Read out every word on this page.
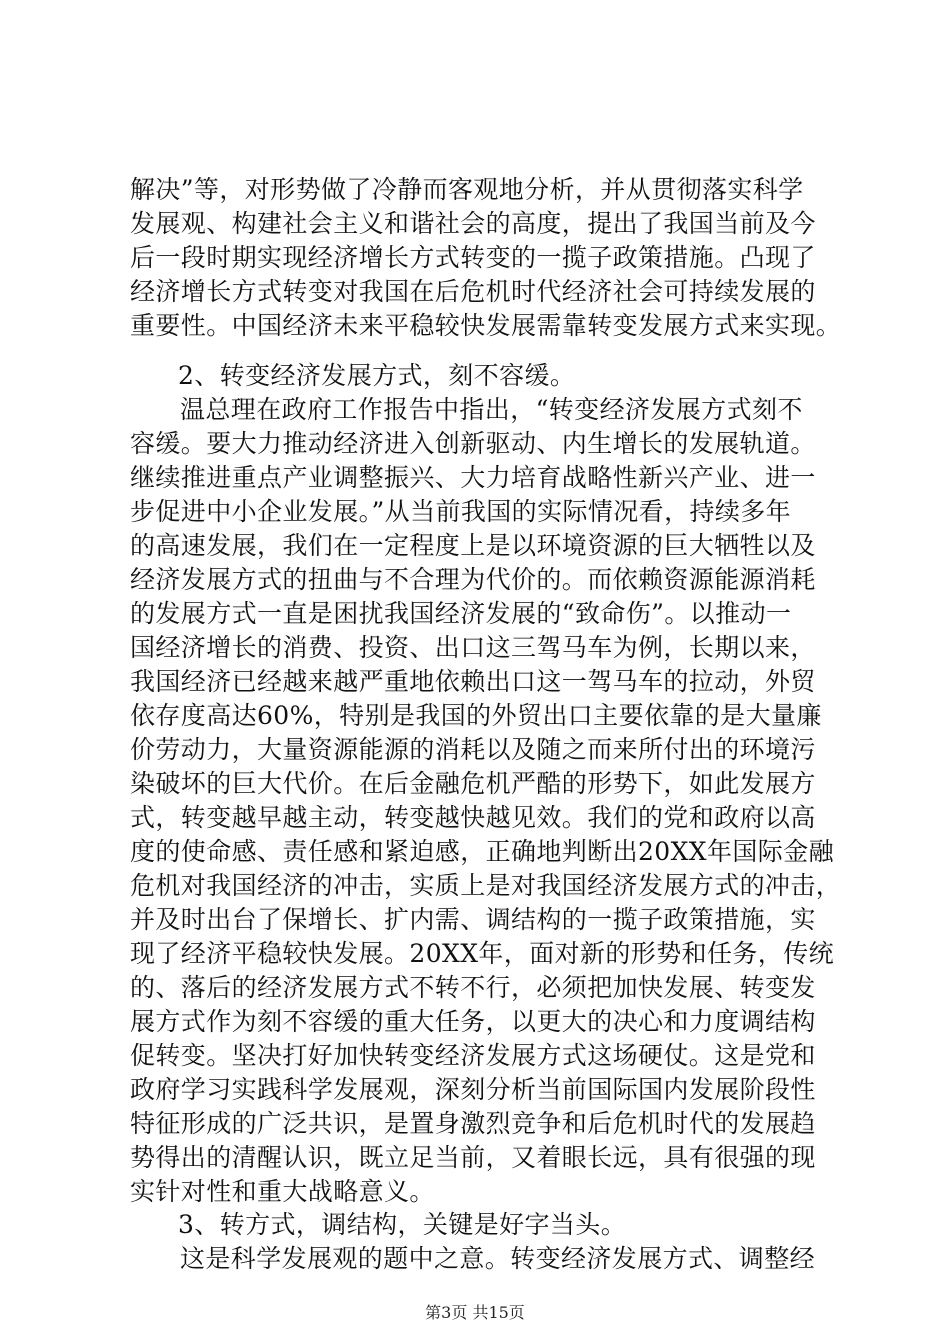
解决”等，对形势做了冷静而客观地分析，并从贯彻落实科学
发展观、构建社会主义和谐社会的高度，提出了我国当前及今
后一段时期实现经济增长方式转变的一揽子政策措施。凸现了
经济增长方式转变对我国在后危机时代经济社会可持续发展的
重要性。中国经济未来平稳较快发展需靠转变发展方式来实现。
2、转变经济发展方式，刻不容缓。
温总理在政府工作报告中指出，“转变经济发展方式刻不
容缓。要大力推动经济进入创新驱动、内生增长的发展轨道。
继续推进重点产业调整振兴、大力培育战略性新兴产业、进一
步促进中小企业发展。”从当前我国的实际情况看，持续多年
的高速发展，我们在一定程度上是以环境资源的巨大牺牲以及
经济发展方式的扭曲与不合理为代价的。而依赖资源能源消耗
的发展方式一直是困扰我国经济发展的“致命伤”。以推动一
国经济增长的消费、投资、出口这三驾马车为例，长期以来，
我国经济已经越来越严重地依赖出口这一驾马车的拉动，外贸
依存度高达60%，特别是我国的外贸出口主要依靠的是大量廉
价劳动力，大量资源能源的消耗以及随之而来所付出的环境污
染破坏的巨大代价。在后金融危机严酷的形势下，如此发展方
式，转变越早越主动，转变越快越见效。我们的党和政府以高
度的使命感、责任感和紧迫感，正确地判断出20XX年国际金融
危机对我国经济的冲击，实质上是对我国经济发展方式的冲击，
并及时出台了保增长、扩内需、调结构的一揽子政策措施，实
现了经济平稳较快发展。20XX年，面对新的形势和任务，传统
的、落后的经济发展方式不转不行，必须把加快发展、转变发
展方式作为刻不容缓的重大任务，以更大的决心和力度调结构
促转变。坚决打好加快转变经济发展方式这场硬仗。这是党和
政府学习实践科学发展观，深刻分析当前国际国内发展阶段性
特征形成的广泛共识，是置身激烈竞争和后危机时代的发展趋
势得出的清醒认识，既立足当前，又着眼长远，具有很强的现
实针对性和重大战略意义。
3、转方式，调结构，关键是好字当头。
这是科学发展观的题中之意。转变经济发展方式、调整经
第3页 共15页
